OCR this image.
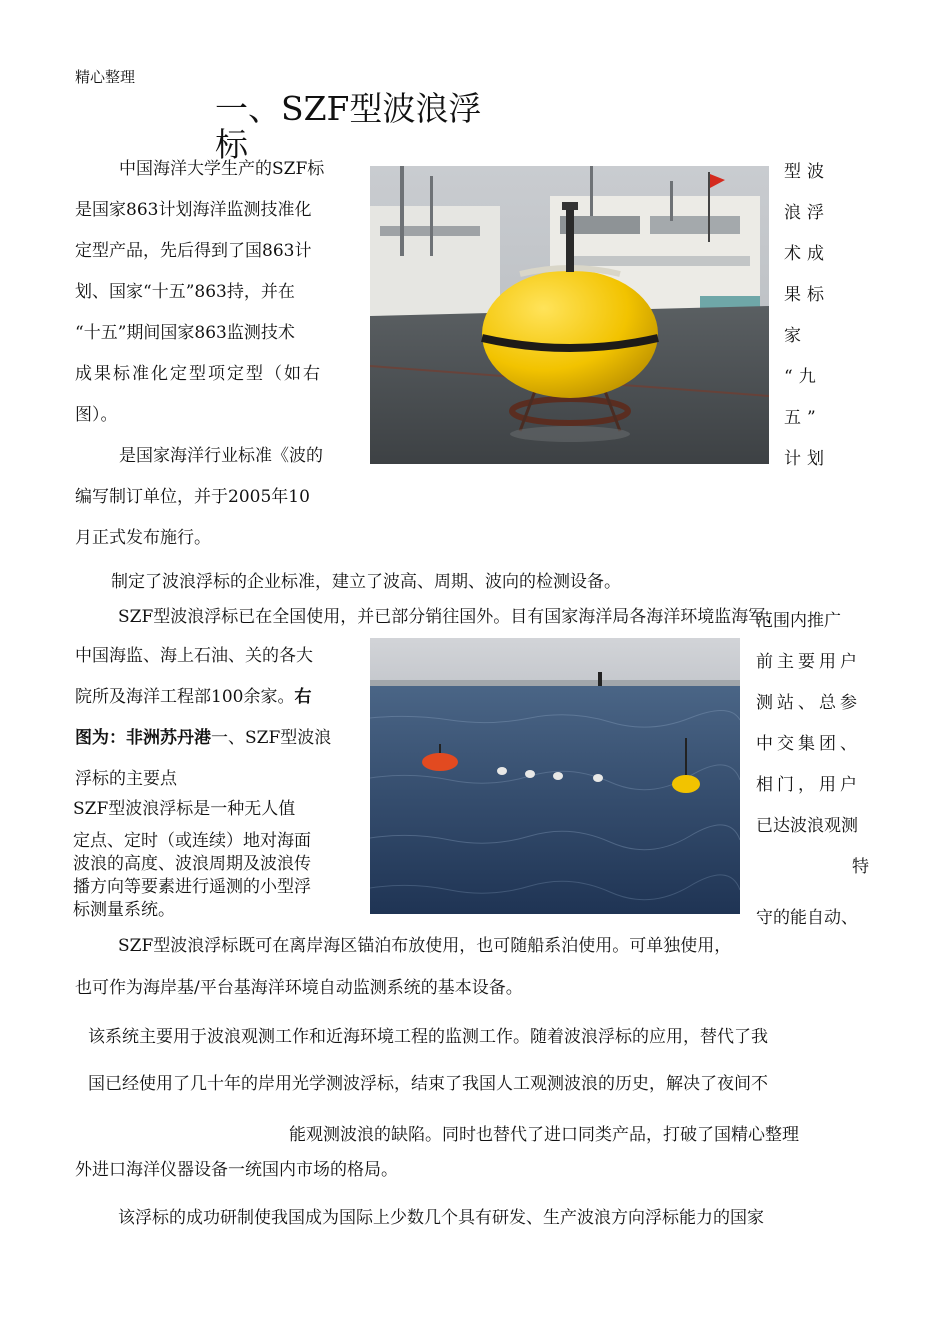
精心整理
一、SZF型波浪浮
标
中国海洋大学生产的SZF标
是国家863计划海洋监测技准化
定型产品，先后得到了国863计
划、国家“十五”863持，并在
“十五”期间国家863监测技术
成果标准化定型项定型（如右
图）。
是国家海洋行业标准《波的
编写制订单位，并于2005年10
月正式发布施行。
型波
浪浮
术成
果标
家
“九
五”
计划
制定了波浪浮标的企业标准，建立了波高、周期、波向的检测设备。
SZF型波浪浮标已在全国使用，并已部分销往国外。目有国家海洋局各海洋环境监海军、
中国海监、海上石油、关的各大
院所及海洋工程部100余家。右
图为：非洲苏丹港一、SZF型波浪
浮标的主要点
SZF型波浪浮标是一种无人值
定点、定时（或连续）地对海面
波浪的高度、波浪周期及波浪传
播方向等要素进行遥测的小型浮
标测量系统。
范围内推广
前主要用户
测站、总参
中交集团、
相门，用户
已达波浪观测
特
守的能自动、
SZF型波浪浮标既可在离岸海区锚泊布放使用，也可随船系泊使用。可单独使用，
也可作为海岸基/平台基海洋环境自动监测系统的基本设备。
该系统主要用于波浪观测工作和近海环境工程的监测工作。随着波浪浮标的应用，替代了我
国已经使用了几十年的岸用光学测波浮标，结束了我国人工观测波浪的历史，解决了夜间不
能观测波浪的缺陷。同时也替代了进口同类产品，打破了国精心整理
外进口海洋仪器设备一统国内市场的格局。
该浮标的成功研制使我国成为国际上少数几个具有研发、生产波浪方向浮标能力的国家
